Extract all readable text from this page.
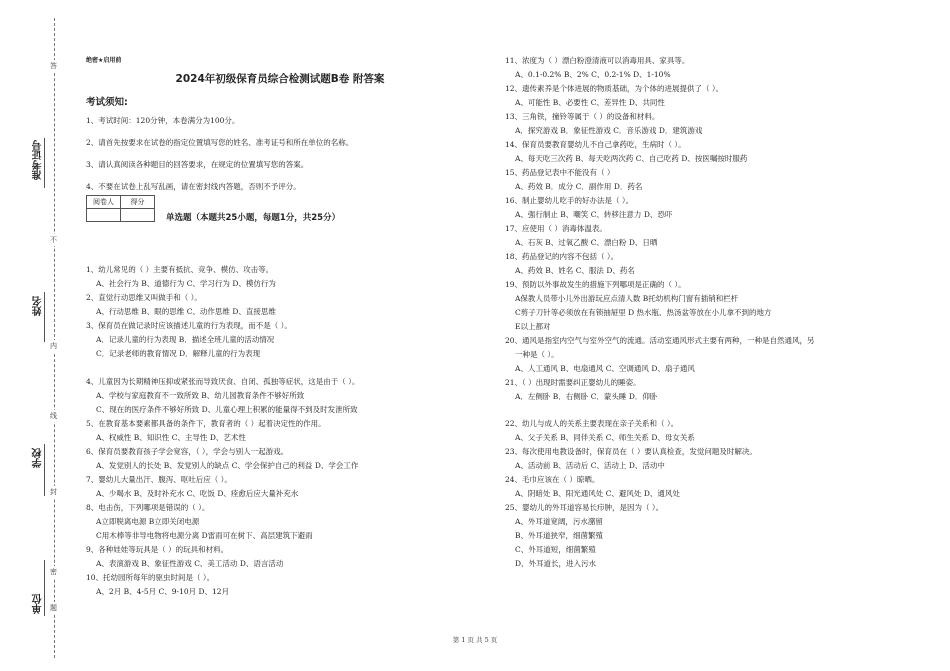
准考证号
姓名
学校
单位
答
不
内
线
封
密
题
绝密★启用前
2024年初级保育员综合检测试题B卷 附答案
考试须知:
1、考试时间：120分钟，本卷满分为100分。
2、请首先按要求在试卷的指定位置填写您的姓名、准考证号和所在单位的名称。
3、请认真阅读各种题目的回答要求，在规定的位置填写您的答案。
4、不要在试卷上乱写乱画，请在密封线内答题，否则不予评分。
阅卷人	得分

单选题（本题共25小题，每题1分，共25分）
1、幼儿常见的（ ）主要有抵抗、竞争、模仿、攻击等。
A、社会行为 B、道德行为 C、学习行为 D、模仿行为
2、直觉行动思维又叫做手和（ ）。
A、行动思维 B、眼的思维 C、动作思维 D、直接思维
3、保育员在做记录时应该描述儿童的行为表现，而不是（ ）。
A．记录儿童的行为表现 B．描述全班儿童的活动情况
C．记录老师的教育情况 D．解释儿童的行为表现
4、儿童因为长期精神压抑或紧张而导致厌食、自闭、孤独等症状，这是由于（ ）。
A、学校与家庭教育不一致所致 B、幼儿园教育条件不够好所致
C、现在的医疗条件不够好所致 D、儿童心理上积累的能量得不到及时发泄所致
5、在教育基本要素都具备的条件下，教育者的（ ）起着决定性的作用。
A、权威性 B、知识性 C、主导性 D、艺术性
6、保育员要教育孩子学会宽容，（ ），学会与别人一起游戏。
A、发觉别人的长处 B、发觉别人的缺点 C、学会保护自己的利益 D、学会工作
7、婴幼儿大量出汗、腹泻、呕吐后应（ ）。
A、少喝水 B、及时补充水 C、吃饭 D、痊愈后应大量补充水
8、电击伤，下列哪项是错误的（ ）。
A立即脱离电源 B立即关闭电源
C用木棒等非导电物将电源分离 D雷雨可在树下、高层建筑下避雨
9、各种娃娃等玩具是（ ）的玩具和材料。
A、表演游戏 B、象征性游戏 C、美工活动 D、语言活动
10、托幼园所每年的驱虫时间是（ ）。
A、2月 B、4-5月 C、9-10月 D、12月
11、浓度为（ ）漂白粉澄清液可以消毒用具、家具等。
A、0.1-0.2% B、2% C、0.2-1% D、1-10%
12、遗传素养是个体进展的物质基础，为个体的进展提供了（ ）。
A、可能性 B、必要性 C、差异性 D、共同性
13、三角铁，撞铃等属于（ ）的设备和材料。
A．探究游戏 B．象征性游戏 C．音乐游戏 D．建筑游戏
14、保育员要教育婴幼儿不自己拿药吃，生病时（ ）。
A、每天吃三次药 B、每天吃两次药 C、自己吃药 D、按医嘱按时服药
15、药品登记表中不能没有（ ）
A、药效 B．成分 C．副作用 D．药名
16、制止婴幼儿吃手的好办法是（ ）。
A、强行制止 B、嘲笑 C、转移注意力 D、恐吓
17、应使用（ ）消毒体温表。
A、石灰 B、过氧乙酸 C、漂白粉 D、日晒
18、药品登记的内容不包括（ ）。
A、药效 B、姓名 C、服法 D、药名
19、预防以外事故发生的措施下列哪项是正确的（ ）。
A保教人员带小儿外出游玩应点清人数 B托幼机构门窗有插销和栏杆
C剪子刀针等必须放在有锁抽屉里 D 热水瓶、热汤盆等放在小儿拿不到的地方
E以上都对
20、通风是指室内空气与室外空气的流通。活动室通风形式主要有两种，一种是自然通风，另
一种是（ ）。
A、人工通风 B、电扇通风 C、空调通风 D、扇子通风
21、（ ）出现时需要纠正婴幼儿的睡姿。
A．左侧卧 B．右侧卧 C．蒙头睡 D．仰卧
22、幼儿与成人的关系主要表现在亲子关系和（ ）。
A、父子关系 B、同伴关系 C、师生关系 D、母女关系
23、每次使用电教设备时，保育员在（ ）要认真检查，发觉问题及时解决。
A、活动前 B、活动后 C、活动上 D、活动中
24、毛巾应该在（ ）晾晒。
A、阴暗处 B、阳光通风处 C、避风处 D、通风处
25、婴幼儿的外耳道容易长疖肿，是因为（ ）。
A、外耳道宽阔，污水潴留
B、外耳道狭窄，细菌繁殖
C、外耳道短，细菌繁殖
D、外耳道长，进入污水
第 1 页 共 5 页
